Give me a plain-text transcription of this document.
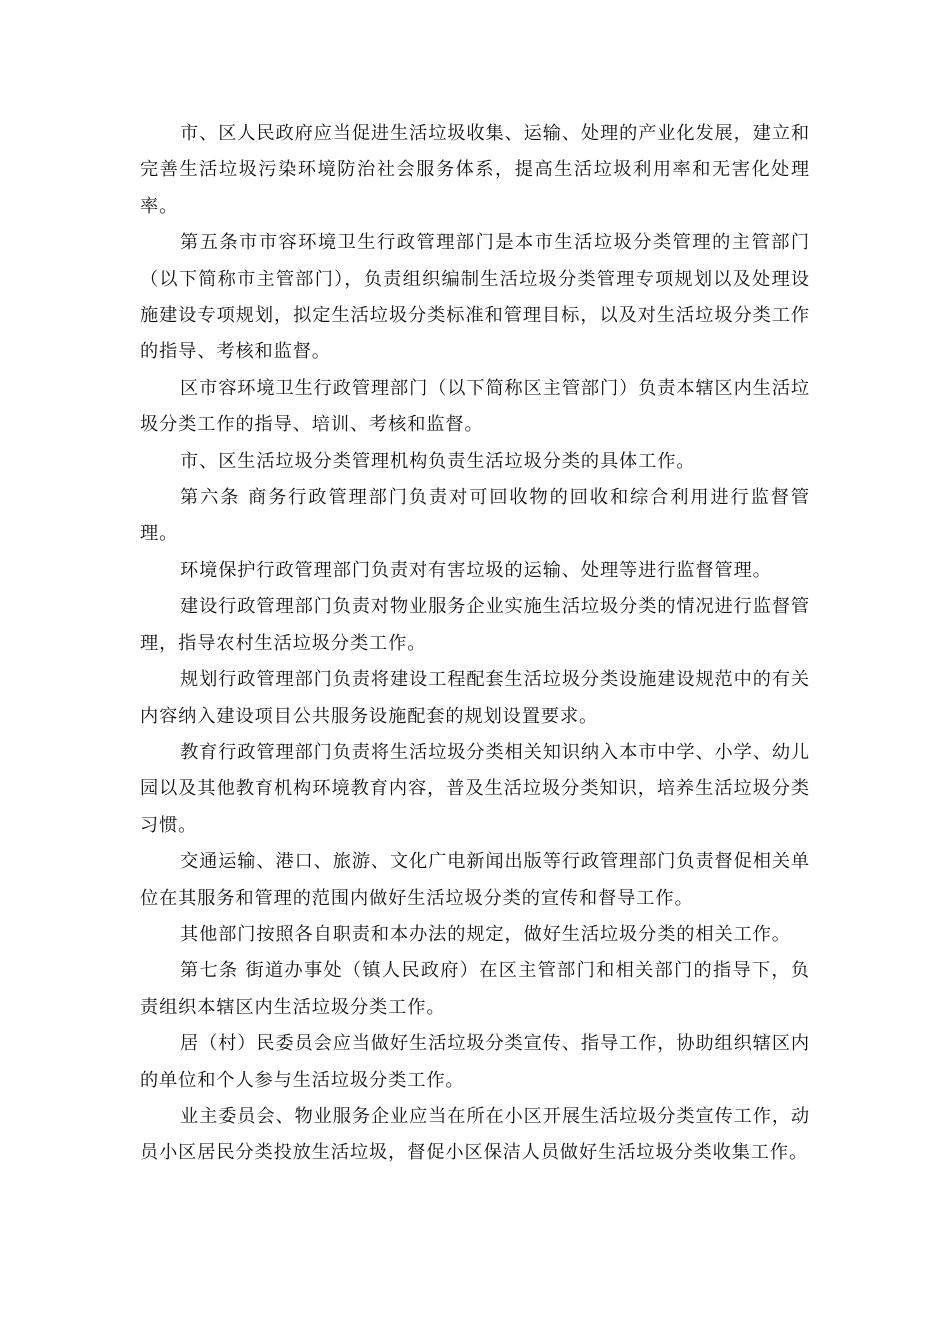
市、区人民政府应当促进生活垃圾收集、运输、处理的产业化发展，建立和完善生活垃圾污染环境防治社会服务体系，提高生活垃圾利用率和无害化处理率。

第五条市市容环境卫生行政管理部门是本市生活垃圾分类管理的主管部门（以下简称市主管部门），负责组织编制生活垃圾分类管理专项规划以及处理设施建设专项规划，拟定生活垃圾分类标准和管理目标，以及对生活垃圾分类工作的指导、考核和监督。

区市容环境卫生行政管理部门（以下简称区主管部门）负责本辖区内生活垃圾分类工作的指导、培训、考核和监督。

市、区生活垃圾分类管理机构负责生活垃圾分类的具体工作。

第六条 商务行政管理部门负责对可回收物的回收和综合利用进行监督管理。

环境保护行政管理部门负责对有害垃圾的运输、处理等进行监督管理。

建设行政管理部门负责对物业服务企业实施生活垃圾分类的情况进行监督管理，指导农村生活垃圾分类工作。

规划行政管理部门负责将建设工程配套生活垃圾分类设施建设规范中的有关内容纳入建设项目公共服务设施配套的规划设置要求。

教育行政管理部门负责将生活垃圾分类相关知识纳入本市中学、小学、幼儿园以及其他教育机构环境教育内容，普及生活垃圾分类知识，培养生活垃圾分类习惯。

交通运输、港口、旅游、文化广电新闻出版等行政管理部门负责督促相关单位在其服务和管理的范围内做好生活垃圾分类的宣传和督导工作。

其他部门按照各自职责和本办法的规定，做好生活垃圾分类的相关工作。

第七条 街道办事处（镇人民政府）在区主管部门和相关部门的指导下，负责组织本辖区内生活垃圾分类工作。

居（村）民委员会应当做好生活垃圾分类宣传、指导工作，协助组织辖区内的单位和个人参与生活垃圾分类工作。

业主委员会、物业服务企业应当在所在小区开展生活垃圾分类宣传工作，动员小区居民分类投放生活垃圾，督促小区保洁人员做好生活垃圾分类收集工作。
